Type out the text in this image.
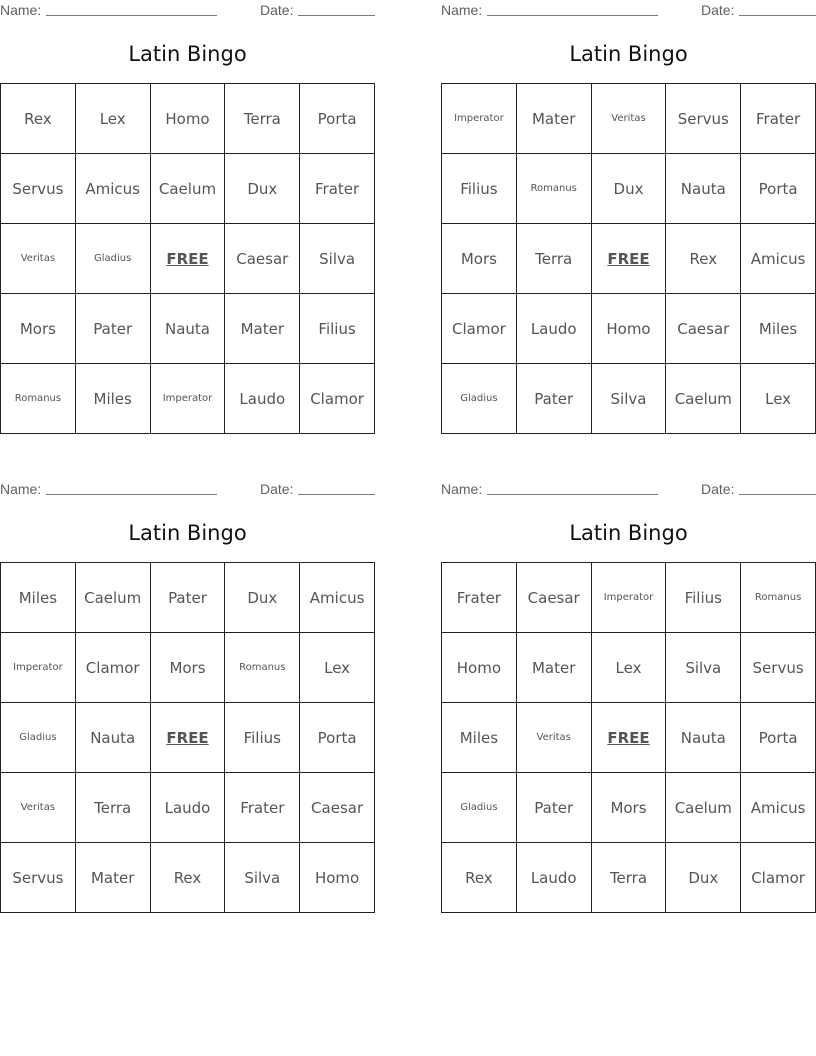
Name:	Date:
Latin Bingo
Rex	Lex	Homo	Terra	Porta
Servus	Amicus	Caelum	Dux	Frater
Veritas	Gladius	FREE	Caesar	Silva
Mors	Pater	Nauta	Mater	Filius
Romanus	Miles	Imperator	Laudo	Clamor
Name:	Date:
Latin Bingo
Imperator	Mater	Veritas	Servus	Frater
Filius	Romanus	Dux	Nauta	Porta
Mors	Terra	FREE	Rex	Amicus
Clamor	Laudo	Homo	Caesar	Miles
Gladius	Pater	Silva	Caelum	Lex
Name:	Date:
Latin Bingo
Miles	Caelum	Pater	Dux	Amicus
Imperator	Clamor	Mors	Romanus	Lex
Gladius	Nauta	FREE	Filius	Porta
Veritas	Terra	Laudo	Frater	Caesar
Servus	Mater	Rex	Silva	Homo
Name:	Date:
Latin Bingo
Frater	Caesar	Imperator	Filius	Romanus
Homo	Mater	Lex	Silva	Servus
Miles	Veritas	FREE	Nauta	Porta
Gladius	Pater	Mors	Caelum	Amicus
Rex	Laudo	Terra	Dux	Clamor
